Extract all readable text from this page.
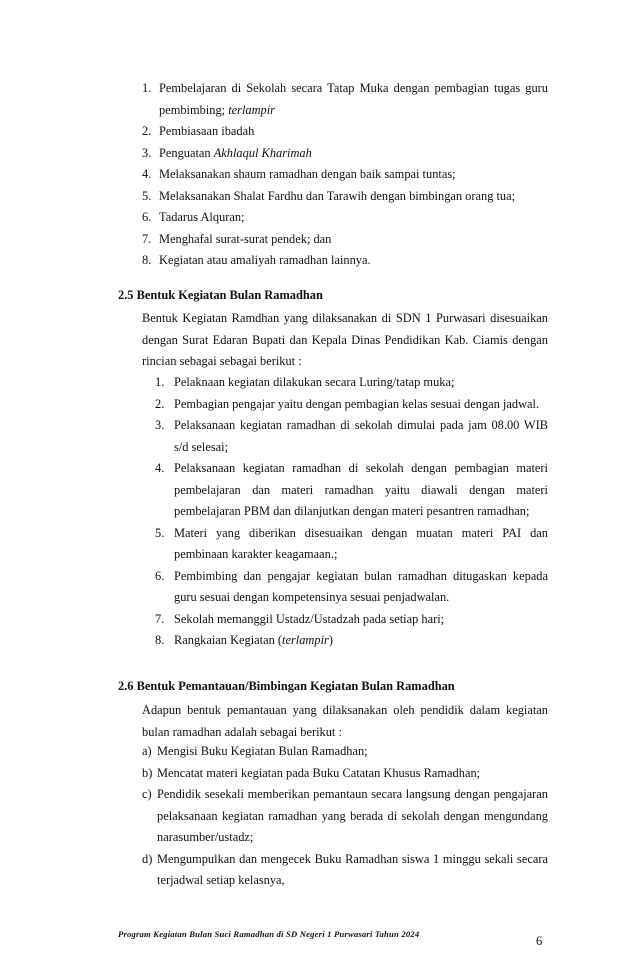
1. Pembelajaran di Sekolah secara Tatap Muka dengan pembagian tugas guru
pembimbing; terlampir
2. Pembiasaan ibadah
3. Penguatan Akhlaqul Kharimah
4. Melaksanakan shaum ramadhan dengan baik sampai tuntas;
5. Melaksanakan Shalat Fardhu dan Tarawih dengan bimbingan orang tua;
6. Tadarus Alquran;
7. Menghafal surat-surat pendek; dan
8. Kegiatan atau amaliyah ramadhan lainnya.
2.5 Bentuk Kegiatan Bulan Ramadhan
Bentuk Kegiatan Ramdhan yang dilaksanakan di SDN 1 Purwasari disesuaikan
dengan Surat Edaran Bupati dan Kepala Dinas Pendidikan Kab. Ciamis dengan
rincian sebagai sebagai berikut :
1. Pelaknaan kegiatan dilakukan secara Luring/tatap muka;
2. Pembagian pengajar yaitu dengan pembagian kelas sesuai dengan jadwal.
3. Pelaksanaan kegiatan ramadhan di sekolah dimulai pada jam 08.00 WIB
s/d selesai;
4. Pelaksanaan kegiatan ramadhan di sekolah dengan pembagian materi
pembelajaran dan materi ramadhan yaitu diawali dengan materi
pembelajaran PBM dan dilanjutkan dengan materi pesantren ramadhan;
5. Materi yang diberikan disesuaikan dengan muatan materi PAI dan
pembinaan karakter keagamaan.;
6. Pembimbing dan pengajar kegiatan bulan ramadhan ditugaskan kepada
guru sesuai dengan kompetensinya sesuai penjadwalan.
7. Sekolah memanggil Ustadz/Ustadzah pada setiap hari;
8. Rangkaian Kegiatan (terlampir)
2.6 Bentuk Pemantauan/Bimbingan Kegiatan Bulan Ramadhan
Adapun bentuk pemantauan yang dilaksanakan oleh pendidik dalam kegiatan
bulan ramadhan adalah sebagai berikut :
a) Mengisi Buku Kegiatan Bulan Ramadhan;
b) Mencatat materi kegiatan pada Buku Catatan Khusus Ramadhan;
c) Pendidik sesekali memberikan pemantaun secara langsung dengan pengajaran
pelaksanaan kegiatan ramadhan yang berada di sekolah dengan mengundang
narasumber/ustadz;
d) Mengumpulkan dan mengecek Buku Ramadhan siswa 1 minggu sekali secara
terjadwal setiap kelasnya,
Program Kegiatan Bulan Suci Ramadhan di SD Negeri 1 Purwasari Tahun 2024	6
